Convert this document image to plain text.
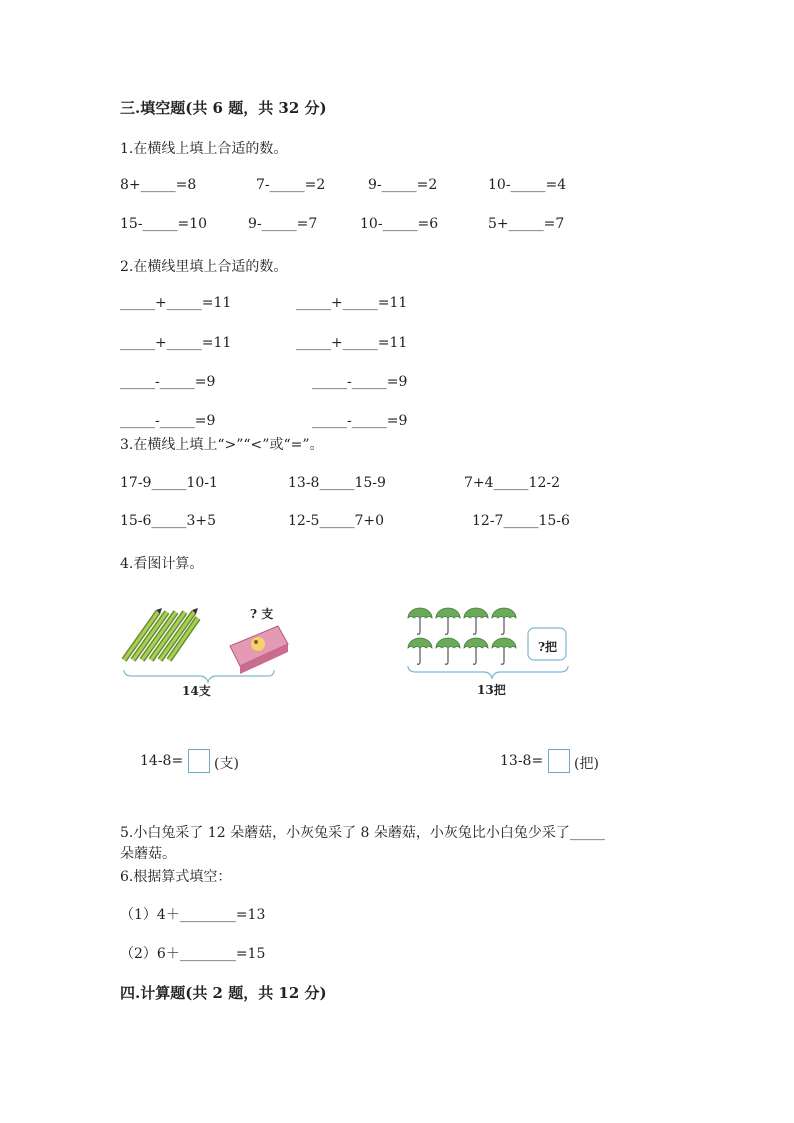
三.填空题(共 6 题，共 32 分)
1.在横线上填上合适的数。
8+_____=8	7-_____=2	9-_____=2	10-_____=4
15-_____=10	9-_____=7	10-_____=6	5+_____=7
2.在横线里填上合适的数。
_____+_____=11	_____+_____=11
_____+_____=11	_____+_____=11
_____-_____=9	_____-_____=9
_____-_____=9	_____-_____=9
3.在横线上填上“>”“<”或“=”。
17-9_____10-1	13-8_____15-9	7+4_____12-2
15-6_____3+5	12-5_____7+0	12-7_____15-6
4.看图计算。
? 支
14支
?把
13把
14-8= (支)	13-8= (把)
5.小白兔采了 12 朵蘑菇，小灰兔采了 8 朵蘑菇，小灰兔比小白兔少采了_____
朵蘑菇。
6.根据算式填空：
（1）4＋________=13
（2）6＋________=15
四.计算题(共 2 题，共 12 分)
